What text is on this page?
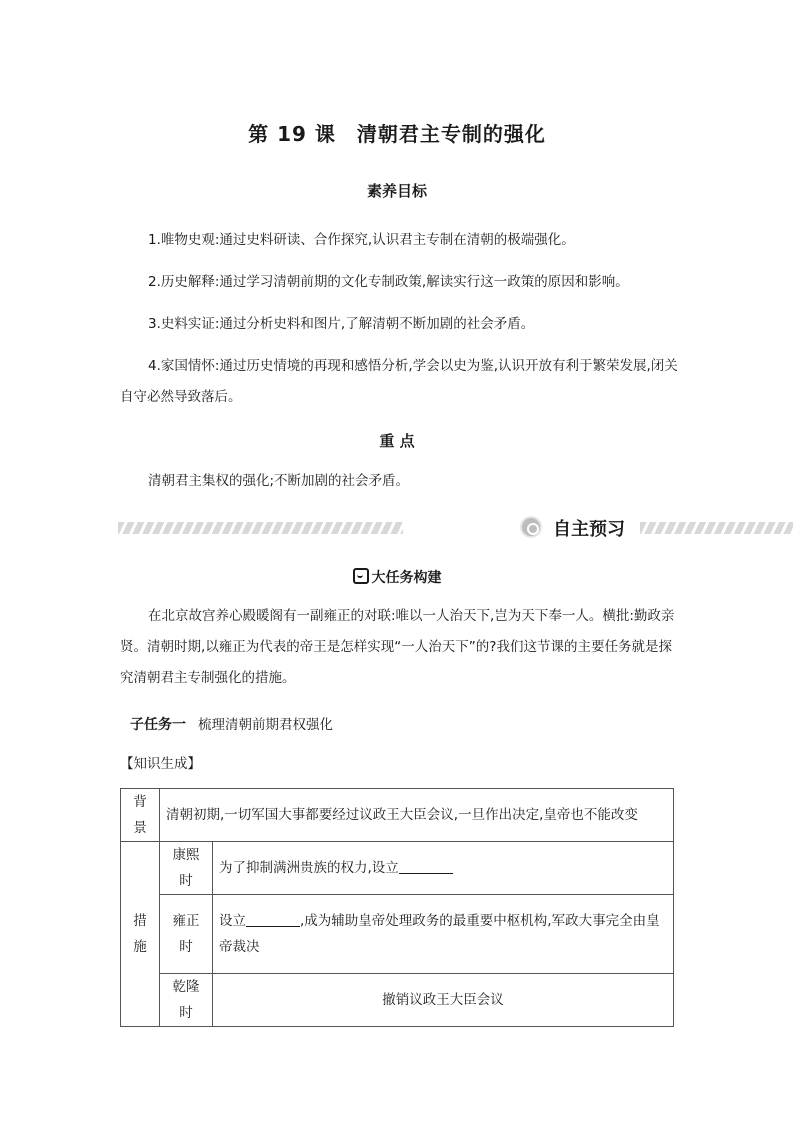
第 19 课　清朝君主专制的强化
素养目标
1.唯物史观:通过史料研读、合作探究,认识君主专制在清朝的极端强化。
2.历史解释:通过学习清朝前期的文化专制政策,解读实行这一政策的原因和影响。
3.史料实证:通过分析史料和图片,了解清朝不断加剧的社会矛盾。
4.家国情怀:通过历史情境的再现和感悟分析,学会以史为鉴,认识开放有利于繁荣发展,闭关自守必然导致落后。
重 点
清朝君主集权的强化;不断加剧的社会矛盾。
自主预习
大任务构建
在北京故宫养心殿暖阁有一副雍正的对联:唯以一人治天下,岂为天下奉一人。横批:勤政亲贤。清朝时期,以雍正为代表的帝王是怎样实现“一人治天下”的?我们这节课的主要任务就是探究清朝君主专制强化的措施。
子任务一 梳理清朝前期君权强化
【知识生成】
背景	清朝初期,一切军国大事都要经过议政王大臣会议,一旦作出决定,皇帝也不能改变	
措施	康熙时	为了抑制满洲贵族的权力,设立
	雍正时	设立 ,成为辅助皇帝处理政务的最重要中枢机构,军政大事完全由皇帝裁决
	乾隆时	撤销议政王大臣会议
